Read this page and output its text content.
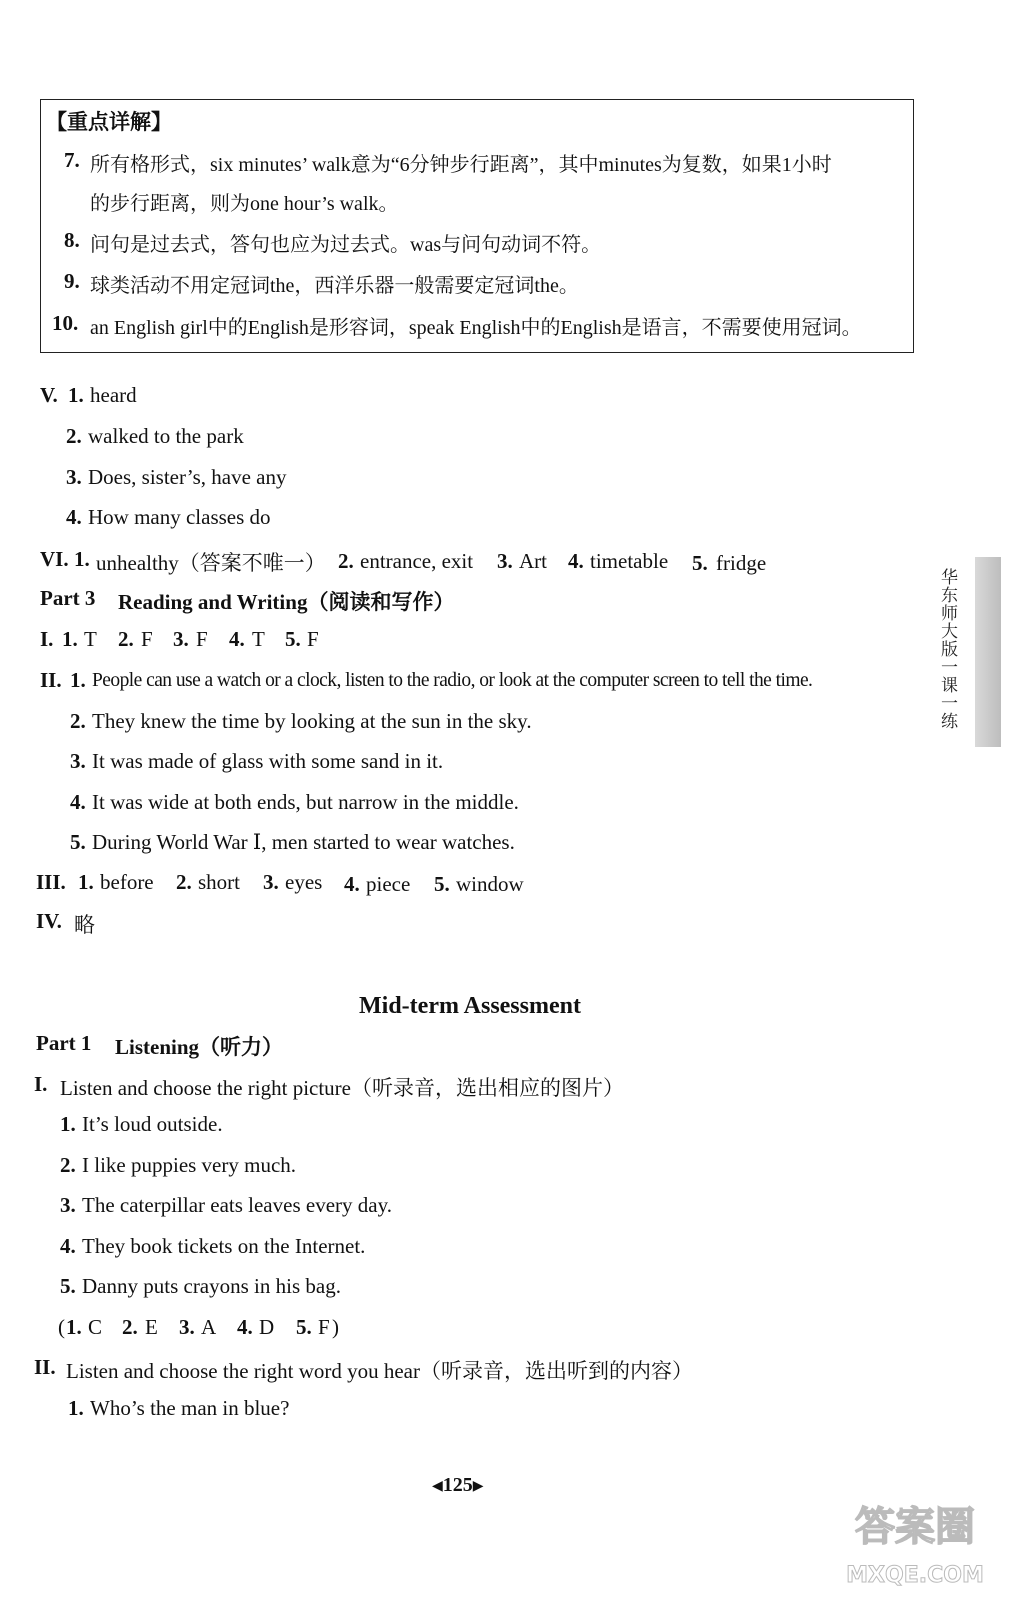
【重点详解】
7. 所有格形式，six minutes’ walk意为“6分钟步行距离”，其中minutes为复数，如果1小时
的步行距离，则为one hour’s walk。
8. 问句是过去式，答句也应为过去式。was与问句动词不符。
9. 球类活动不用定冠词the，西洋乐器一般需要定冠词the。
10. an English girl中的English是形容词，speak English中的English是语言，不需要使用冠词。
V. 1. heard
2. walked to the park
3. Does, sister’s, have any
4. How many classes do
VI. 1. unhealthy（答案不唯一） 2. entrance, exit 3. Art 4. timetable 5. fridge
Part 3 Reading and Writing（阅读和写作）
I. 1. T 2. F 3. F 4. T 5. F
II. 1. People can use a watch or a clock, listen to the radio, or look at the computer screen to tell the time.
2. They knew the time by looking at the sun in the sky.
3. It was made of glass with some sand in it.
4. It was wide at both ends, but narrow in the middle.
5. During World War Ⅰ, men started to wear watches.
III. 1. before 2. short 3. eyes 4. piece 5. window
IV. 略
Mid-term Assessment
Part 1 Listening（听力）
I. Listen and choose the right picture（听录音，选出相应的图片）
1. It’s loud outside.
2. I like puppies very much.
3. The caterpillar eats leaves every day.
4. They book tickets on the Internet.
5. Danny puts crayons in his bag.
( 1. C 2. E 3. A 4. D 5. F )
II. Listen and choose the right word you hear（听录音，选出听到的内容）
1. Who’s the man in blue?
华东师大版一课一练
◀125▶
答案圈
MXQE.COM
